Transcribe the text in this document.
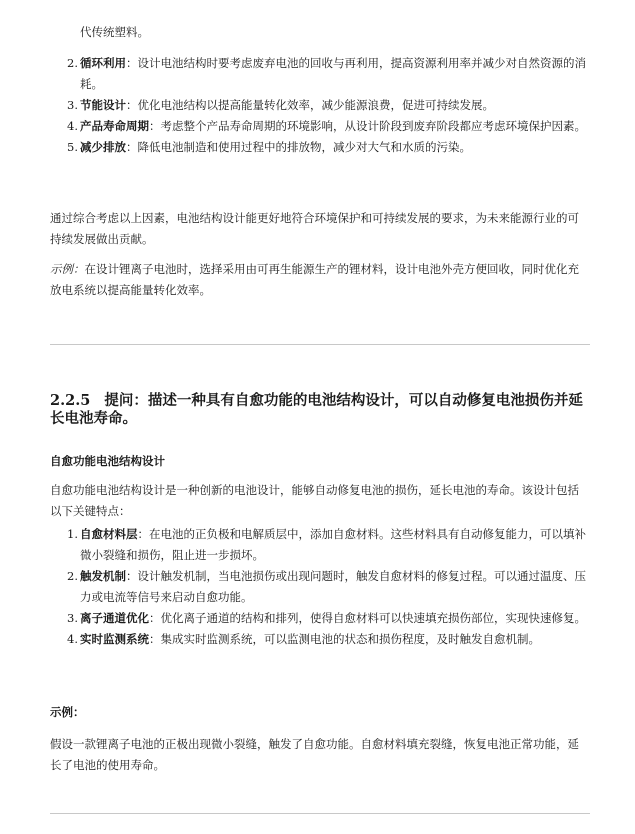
代传统塑料。

2. 循环利用：设计电池结构时要考虑废弃电池的回收与再利用，提高资源利用率并减少对自然资源的消耗。
3. 节能设计：优化电池结构以提高能量转化效率，减少能源浪费，促进可持续发展。
4. 产品寿命周期：考虑整个产品寿命周期的环境影响，从设计阶段到废弃阶段都应考虑环境保护因素。
5. 减少排放：降低电池制造和使用过程中的排放物，减少对大气和水质的污染。

通过综合考虑以上因素，电池结构设计能更好地符合环境保护和可持续发展的要求，为未来能源行业的可持续发展做出贡献。

示例：在设计锂离子电池时，选择采用由可再生能源生产的锂材料，设计电池外壳方便回收，同时优化充放电系统以提高能量转化效率。

2.2.5 提问：描述一种具有自愈功能的电池结构设计，可以自动修复电池损伤并延长电池寿命。
自愈功能电池结构设计

自愈功能电池结构设计是一种创新的电池设计，能够自动修复电池的损伤，延长电池的寿命。该设计包括以下关键特点：

1. 自愈材料层：在电池的正负极和电解质层中，添加自愈材料。这些材料具有自动修复能力，可以填补微小裂缝和损伤，阻止进一步损坏。
2. 触发机制：设计触发机制，当电池损伤或出现问题时，触发自愈材料的修复过程。可以通过温度、压力或电流等信号来启动自愈功能。
3. 离子通道优化：优化离子通道的结构和排列，使得自愈材料可以快速填充损伤部位，实现快速修复。
4. 实时监测系统：集成实时监测系统，可以监测电池的状态和损伤程度，及时触发自愈机制。

示例：

假设一款锂离子电池的正极出现微小裂缝，触发了自愈功能。自愈材料填充裂缝，恢复电池正常功能，延长了电池的使用寿命。
